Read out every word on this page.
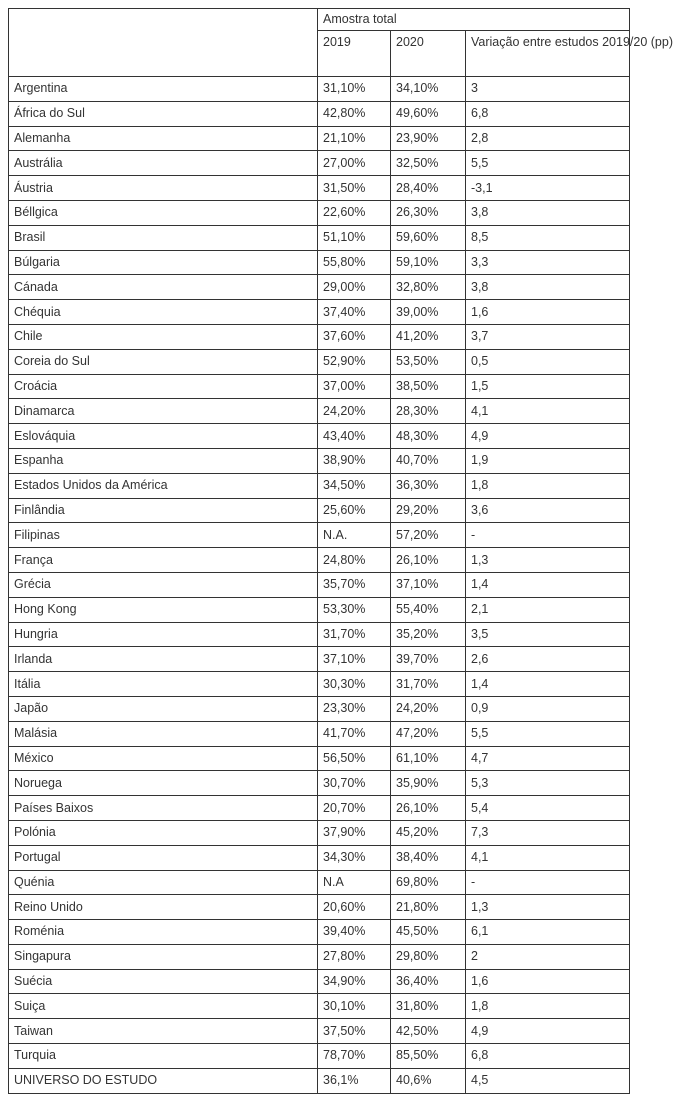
	Amostra total		
	2019	2020	Variação entre estudos 2019/20 (pp)
Argentina	31,10%	34,10%	3
África do Sul	42,80%	49,60%	6,8
Alemanha	21,10%	23,90%	2,8
Austrália	27,00%	32,50%	5,5
Áustria	31,50%	28,40%	-3,1
Béllgica	22,60%	26,30%	3,8
Brasil	51,10%	59,60%	8,5
Búlgaria	55,80%	59,10%	3,3
Cánada	29,00%	32,80%	3,8
Chéquia	37,40%	39,00%	1,6
Chile	37,60%	41,20%	3,7
Coreia do Sul	52,90%	53,50%	0,5
Croácia	37,00%	38,50%	1,5
Dinamarca	24,20%	28,30%	4,1
Eslováquia	43,40%	48,30%	4,9
Espanha	38,90%	40,70%	1,9
Estados Unidos da América	34,50%	36,30%	1,8
Finlândia	25,60%	29,20%	3,6
Filipinas	N.A.	57,20%	-
França	24,80%	26,10%	1,3
Grécia	35,70%	37,10%	1,4
Hong Kong	53,30%	55,40%	2,1
Hungria	31,70%	35,20%	3,5
Irlanda	37,10%	39,70%	2,6
Itália	30,30%	31,70%	1,4
Japão	23,30%	24,20%	0,9
Malásia	41,70%	47,20%	5,5
México	56,50%	61,10%	4,7
Noruega	30,70%	35,90%	5,3
Países Baixos	20,70%	26,10%	5,4
Polónia	37,90%	45,20%	7,3
Portugal	34,30%	38,40%	4,1
Quénia	N.A	69,80%	-
Reino Unido	20,60%	21,80%	1,3
Roménia	39,40%	45,50%	6,1
Singapura	27,80%	29,80%	2
Suécia	34,90%	36,40%	1,6
Suiça	30,10%	31,80%	1,8
Taiwan	37,50%	42,50%	4,9
Turquia	78,70%	85,50%	6,8
UNIVERSO DO ESTUDO	36,1%	40,6%	4,5
